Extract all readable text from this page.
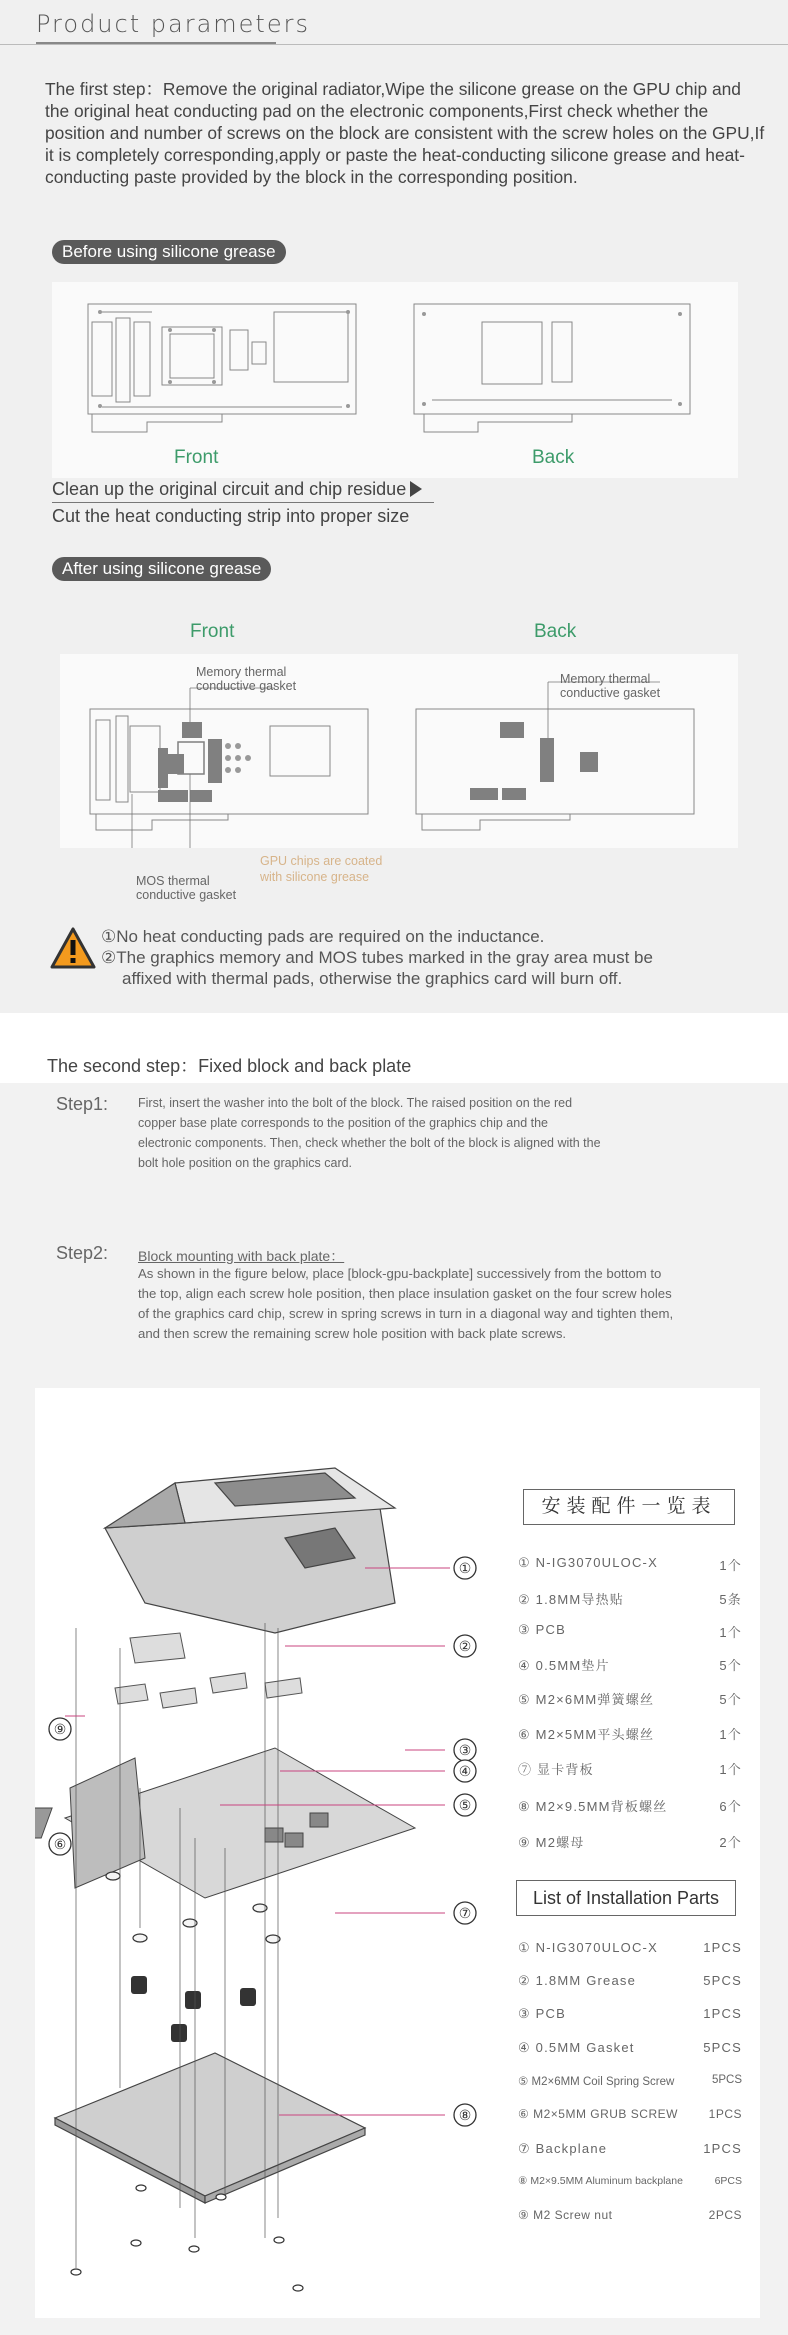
Product parameters
The first step：Remove the original radiator,Wipe the silicone grease on the GPU chip and the original heat conducting pad on the electronic components,First check whether the position and number of screws on the block are consistent with the screw holes on the GPU,If it is completely corresponding,apply or paste the heat-conducting silicone grease and heat-conducting paste provided by the block in the corresponding position.
Before using silicone grease
Front	Back
Clean up the original circuit and chip residue
Cut the heat conducting strip into proper size
After using silicone grease
Front	Back
Memory thermal
conductive gasket	Memory thermal
conductive gasket
GPU chips are coated
with silicone grease
MOS thermal
conductive gasket
①No heat conducting pads are required on the inductance.
②The graphics memory and MOS tubes marked in the gray area must be
affixed with thermal pads, otherwise the graphics card will burn off.
The second step：Fixed block and back plate
Step1: First, insert the washer into the bolt of the block. The raised position on the red
copper base plate corresponds to the position of the graphics chip and the
electronic components. Then, check whether the bolt of the block is aligned with the
bolt hole position on the graphics card.
Step2: Block mounting with back plate：
As shown in the figure below, place [block-gpu-backplate] successively from the bottom to
the top, align each screw hole position, then place insulation gasket on the four screw holes
of the graphics card chip, screw in spring screws in turn in a diagonal way and tighten them,
and then screw the remaining screw hole position with back plate screws.
①
②
③
④
⑤
⑥
⑦
⑧
⑨
安装配件一览表
① N-IG3070ULOC-X	1个
② 1.8MM导热贴	5条
③ PCB	1个
④ 0.5MM垫片	5个
⑤ M2×6MM弹簧螺丝	5个
⑥ M2×5MM平头螺丝	1个
⑦ 显卡背板	1个
⑧ M2×9.5MM背板螺丝	6个
⑨ M2螺母	2个
List of Installation Parts
① N-IG3070ULOC-X	1PCS
② 1.8MM Grease	5PCS
③ PCB	1PCS
④ 0.5MM Gasket	5PCS
⑤ M2×6MM Coil Spring Screw	5PCS
⑥ M2×5MM GRUB SCREW	1PCS
⑦ Backplane	1PCS
⑧ M2×9.5MM Aluminum backplane	6PCS
⑨ M2 Screw nut	2PCS
